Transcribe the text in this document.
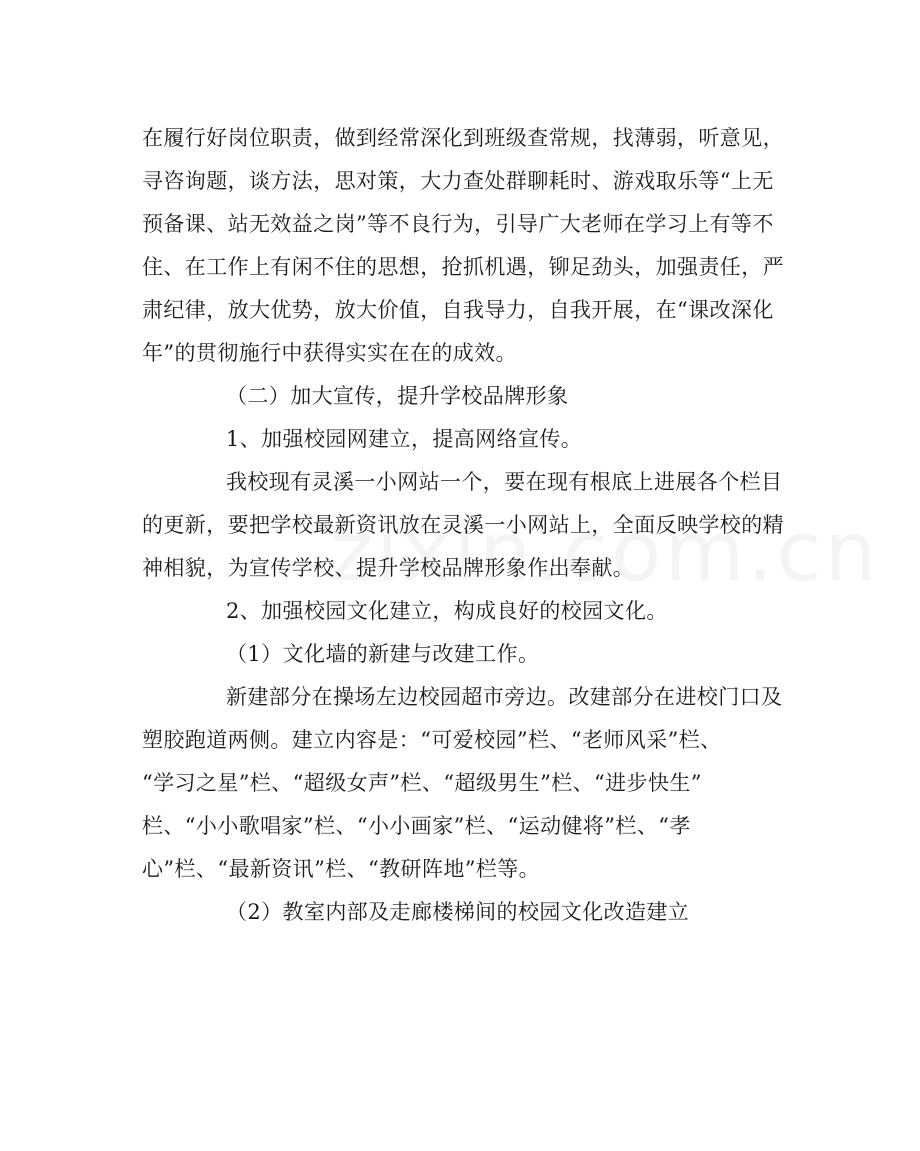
在履行好岗位职责，做到经常深化到班级查常规，找薄弱，听意见，
寻咨询题，谈方法，思对策，大力查处群聊耗时、游戏取乐等“上无
预备课、站无效益之岗”等不良行为，引导广大老师在学习上有等不
住、在工作上有闲不住的思想，抢抓机遇，铆足劲头，加强责任，严
肃纪律，放大优势，放大价值，自我导力，自我开展，在“课改深化
年”的贯彻施行中获得实实在在的成效。
（二）加大宣传，提升学校品牌形象
1、加强校园网建立，提高网络宣传。
我校现有灵溪一小网站一个，要在现有根底上进展各个栏目
的更新，要把学校最新资讯放在灵溪一小网站上，全面反映学校的精
神相貌，为宣传学校、提升学校品牌形象作出奉献。
2、加强校园文化建立，构成良好的校园文化。
（1）文化墙的新建与改建工作。
新建部分在操场左边校园超市旁边。改建部分在进校门口及
塑胶跑道两侧。建立内容是：“可爱校园”栏、“老师风采”栏、
“学习之星”栏、“超级女声”栏、“超级男生”栏、“进步快生”
栏、“小小歌唱家”栏、“小小画家”栏、“运动健将”栏、“孝
心”栏、“最新资讯”栏、“教研阵地”栏等。
（2）教室内部及走廊楼梯间的校园文化改造建立
